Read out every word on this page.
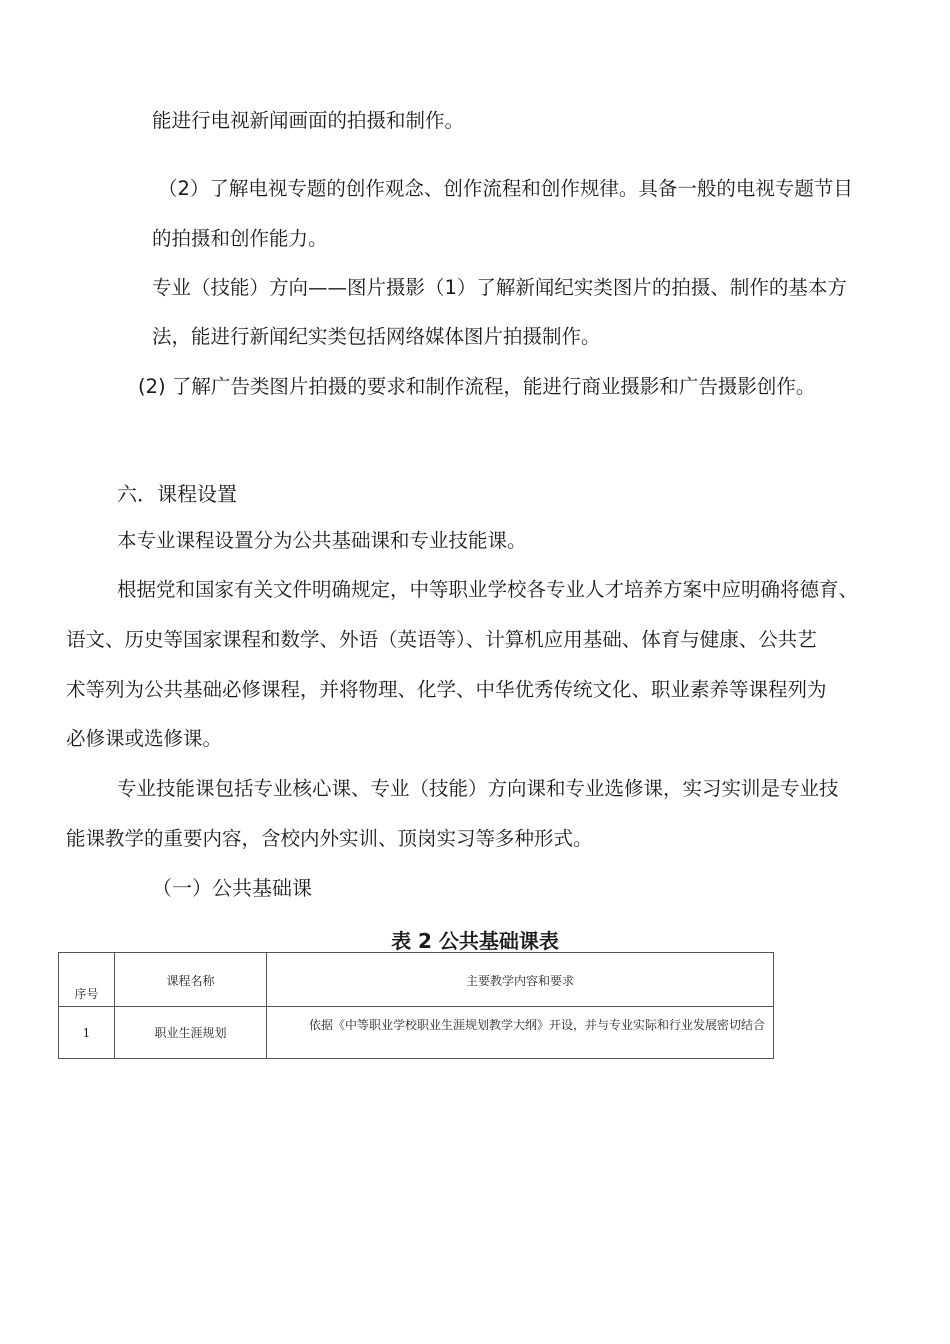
能进行电视新闻画面的拍摄和制作。
（2）了解电视专题的创作观念、创作流程和创作规律。具备一般的电视专题节目
的拍摄和创作能力。
专业（技能）方向——图片摄影（1）了解新闻纪实类图片的拍摄、制作的基本方
法，能进行新闻纪实类包括网络媒体图片拍摄制作。
(2) 了解广告类图片拍摄的要求和制作流程，能进行商业摄影和广告摄影创作。
六．课程设置
本专业课程设置分为公共基础课和专业技能课。
根据党和国家有关文件明确规定，中等职业学校各专业人才培养方案中应明确将德育、
语文、历史等国家课程和数学、外语（英语等）、计算机应用基础、体育与健康、公共艺
术等列为公共基础必修课程，并将物理、化学、中华优秀传统文化、职业素养等课程列为
必修课或选修课。
专业技能课包括专业核心课、专业（技能）方向课和专业选修课，实习实训是专业技
能课教学的重要内容，含校内外实训、顶岗实习等多种形式。
（一）公共基础课
表 2 公共基础课表
序号	课程名称	主要教学内容和要求
1	职业生涯规划	依据《中等职业学校职业生涯规划教学大纲》开设，并与专业实际和行业发展密切结合
